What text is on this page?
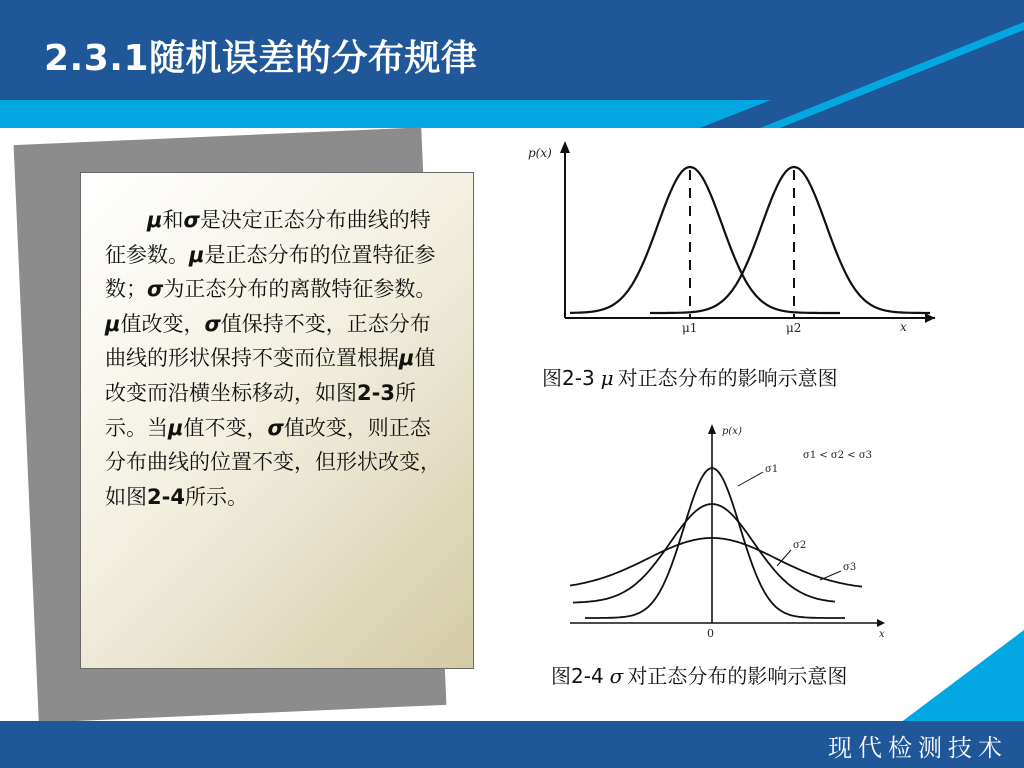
2.3.1随机误差的分布规律

μ和σ是决定正态分布曲线的特征参数。μ是正态分布的位置特征参数；σ为正态分布的离散特征参数。μ值改变，σ值保持不变，正态分布曲线的形状保持不变而位置根据μ值改变而沿横坐标移动，如图2-3所示。当μ值不变，σ值改变，则正态分布曲线的位置不变，但形状改变，如图2-4所示。

p(x)
μ1	μ2	x
图2-3 μ 对正态分布的影响示意图
p(x)
σ1 < σ2 < σ3
σ1
σ2
σ3
0	x
图2-4 σ 对正态分布的影响示意图
现代检测技术
